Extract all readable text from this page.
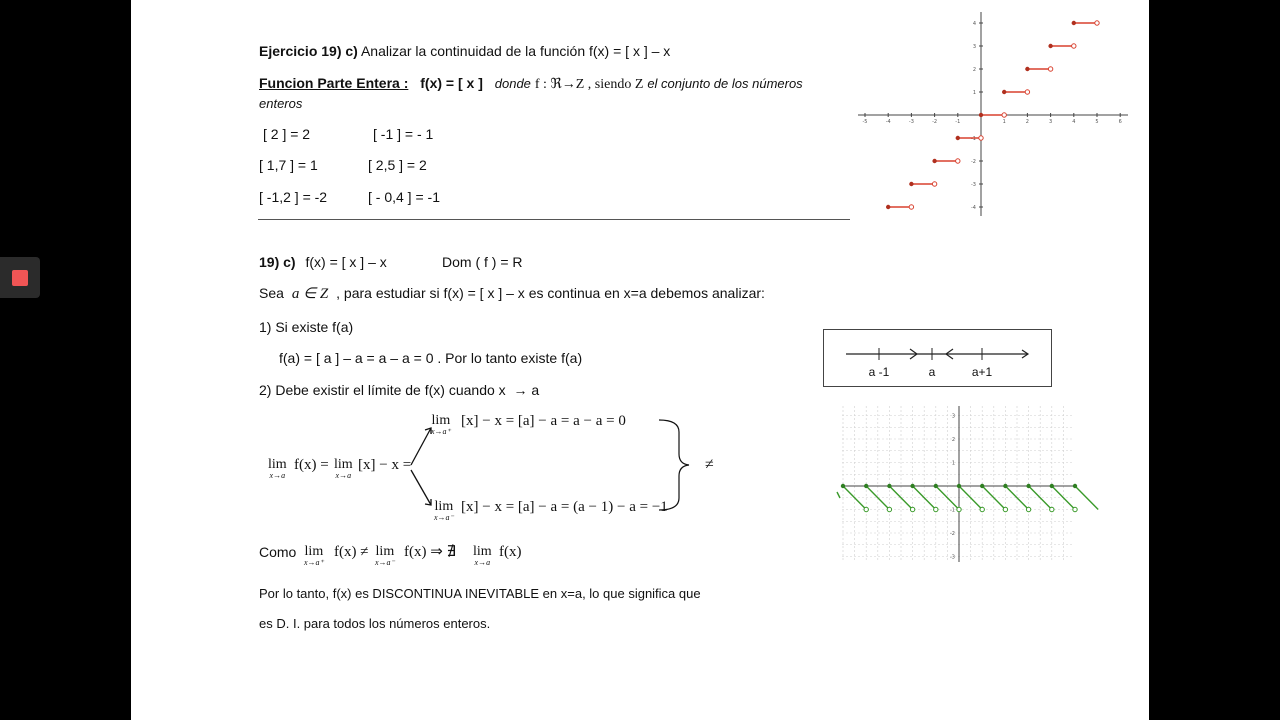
Ejercicio 19) c) Analizar la continuidad de la función f(x) = [ x ] – x
Funcion Parte Entera : f(x) = [ x ] donde f : ℜ→Z , siendo Z el conjunto de los números
enteros
[ 2 ] = 2	[ -1 ] = - 1
[ 1,7 ] = 1	[ 2,5 ] = 2
[ -1,2 ] = -2	[ - 0,4 ] = -1
19) c) f(x) = [ x ] – x	Dom ( f ) = R
Sea a ∈ Z , para estudiar si f(x) = [ x ] – x es continua en x=a debemos analizar:
1) Si existe f(a)
f(a) = [ a ] – a = a – a = 0 . Por lo tanto existe f(a)
2) Debe existir el límite de f(x) cuando x → a
lim
x→a
f(x) = lim
x→a
[x] − x =
lim
x→a⁺
[x] − x = [a] − a = a − a = 0
lim
x→a⁻
[x] − x = [a] − a = (a − 1) − a = −1
≠
Como lim
x→a⁺
f(x) ≠ lim
x→a⁻
f(x) ⇒ ∄ lim
x→a
f(x)
Por lo tanto, f(x) es DISCONTINUA INEVITABLE en x=a, lo que significa que
es D. I. para todos los números enteros.
-5	-4	-3	-2	-1	1	2	3	4	5	6
4
3
2
1
-1
-2
-3
-4
a -1	a	a+1
3
2
1
-1
-2
-3
